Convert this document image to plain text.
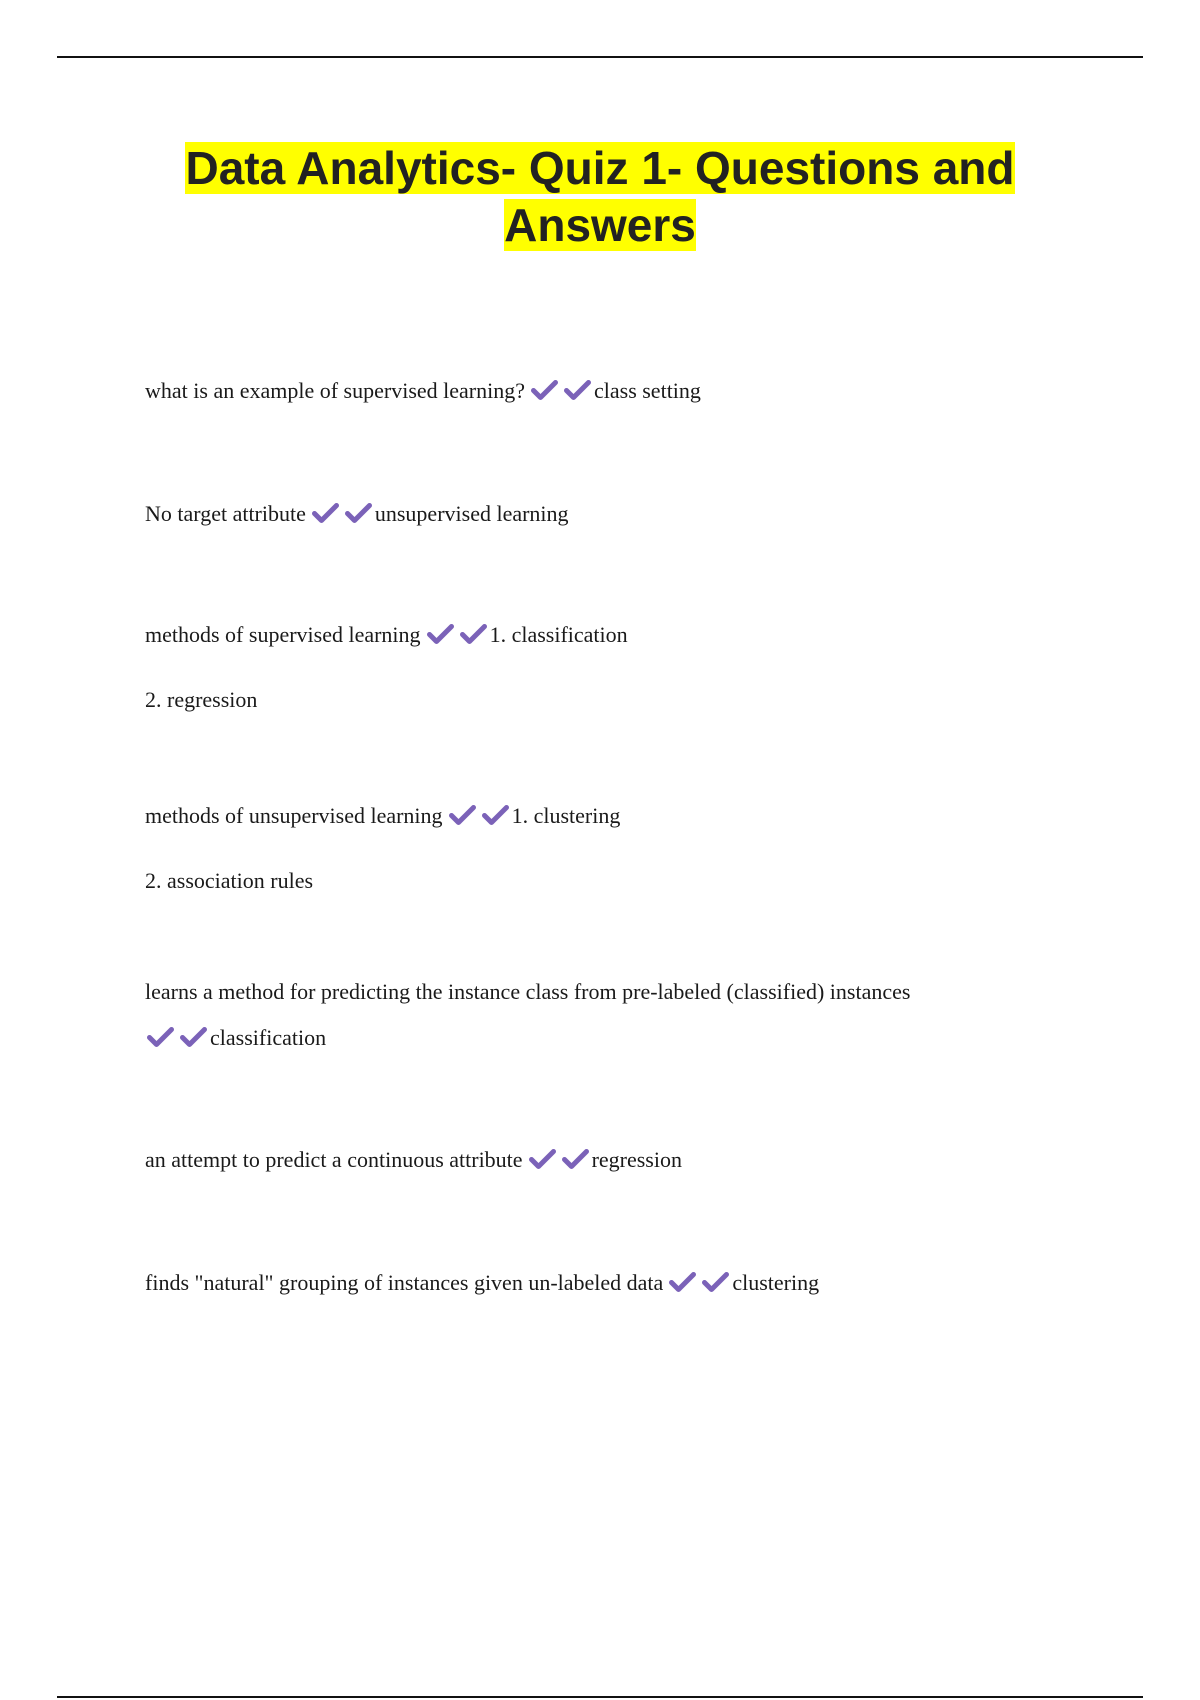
Data Analytics- Quiz 1- Questions and Answers

what is an example of supervised learning?	class setting

No target attribute	unsupervised learning

methods of supervised learning	1. classification

2. regression

methods of unsupervised learning	1. clustering

2. association rules

learns a method for predicting the instance class from pre-labeled (classified) instances

classification

an attempt to predict a continuous attribute	regression

finds "natural" grouping of instances given un-labeled data	clustering
